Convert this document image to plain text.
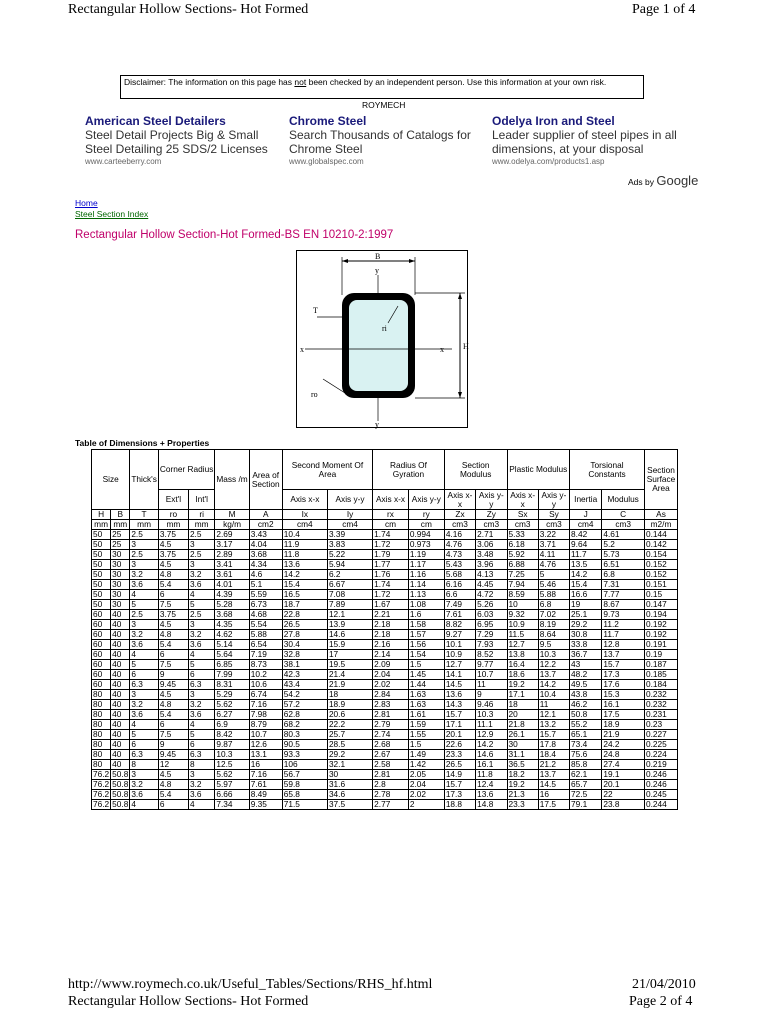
Rectangular Hollow Sections- Hot Formed	Page 1 of 4
Disclaimer: The information on this page has not been checked by an independent person. Use this information at your own risk.
ROYMECH
American Steel Detailers
Steel Detail Projects Big & Small Steel Detailing 25 SDS/2 Licenses
www.carteeberry.com
Chrome Steel
Search Thousands of Catalogs for Chrome Steel
www.globalspec.com
Odelya Iron and Steel
Leader supplier of steel pipes in all dimensions, at your disposal
www.odelya.com/products1.asp
Ads by Google
Home
Steel Section Index
Rectangular Hollow Section-Hot Formed-BS EN 10210-2:1997
B
y
y
x	x H
T
ri
ro
Table of Dimensions + Properties
Size		Thick's	Corner Radius		Mass /m	Area of Section	Second Moment Of Area		Radius Of Gyration		Section Modulus		Plastic Modulus		Torsional Constants		Section Surface Area
			Ext'l	Int'l			Axis x-x	Axis y-y	Axis x-x	Axis y-y	Axis x-x	Axis y-y	Axis x-x	Axis y-y	Inertia	Modulus	
H	B	T	ro	ri	M	A	Ix	Iy	rx	ry	Zx	Zy	Sx	Sy	J	C	As
mm	mm	mm	mm	mm	kg/m	cm2	cm4	cm4	cm	cm	cm3	cm3	cm3	cm3	cm4	cm3	m2/m
50	25	2.5	3.75	2.5	2.69	3.43	10.4	3.39	1.74	0.994	4.16	2.71	5.33	3.22	8.42	4.61	0.144
50	25	3	4.5	3	3.17	4.04	11.9	3.83	1.72	0.973	4.76	3.06	6.18	3.71	9.64	5.2	0.142
50	30	2.5	3.75	2.5	2.89	3.68	11.8	5.22	1.79	1.19	4.73	3.48	5.92	4.11	11.7	5.73	0.154
50	30	3	4.5	3	3.41	4.34	13.6	5.94	1.77	1.17	5.43	3.96	6.88	4.76	13.5	6.51	0.152
50	30	3.2	4.8	3.2	3.61	4.6	14.2	6.2	1.76	1.16	5.68	4.13	7.25	5	14.2	6.8	0.152
50	30	3.6	5.4	3.6	4.01	5.1	15.4	6.67	1.74	1.14	6.16	4.45	7.94	5.46	15.4	7.31	0.151
50	30	4	6	4	4.39	5.59	16.5	7.08	1.72	1.13	6.6	4.72	8.59	5.88	16.6	7.77	0.15
50	30	5	7.5	5	5.28	6.73	18.7	7.89	1.67	1.08	7.49	5.26	10	6.8	19	8.67	0.147
60	40	2.5	3.75	2.5	3.68	4.68	22.8	12.1	2.21	1.6	7.61	6.03	9.32	7.02	25.1	9.73	0.194
60	40	3	4.5	3	4.35	5.54	26.5	13.9	2.18	1.58	8.82	6.95	10.9	8.19	29.2	11.2	0.192
60	40	3.2	4.8	3.2	4.62	5.88	27.8	14.6	2.18	1.57	9.27	7.29	11.5	8.64	30.8	11.7	0.192
60	40	3.6	5.4	3.6	5.14	6.54	30.4	15.9	2.16	1.56	10.1	7.93	12.7	9.5	33.8	12.8	0.191
60	40	4	6	4	5.64	7.19	32.8	17	2.14	1.54	10.9	8.52	13.8	10.3	36.7	13.7	0.19
60	40	5	7.5	5	6.85	8.73	38.1	19.5	2.09	1.5	12.7	9.77	16.4	12.2	43	15.7	0.187
60	40	6	9	6	7.99	10.2	42.3	21.4	2.04	1.45	14.1	10.7	18.6	13.7	48.2	17.3	0.185
60	40	6.3	9.45	6.3	8.31	10.6	43.4	21.9	2.02	1.44	14.5	11	19.2	14.2	49.5	17.6	0.184
80	40	3	4.5	3	5.29	6.74	54.2	18	2.84	1.63	13.6	9	17.1	10.4	43.8	15.3	0.232
80	40	3.2	4.8	3.2	5.62	7.16	57.2	18.9	2.83	1.63	14.3	9.46	18	11	46.2	16.1	0.232
80	40	3.6	5.4	3.6	6.27	7.98	62.8	20.6	2.81	1.61	15.7	10.3	20	12.1	50.8	17.5	0.231
80	40	4	6	4	6.9	8.79	68.2	22.2	2.79	1.59	17.1	11.1	21.8	13.2	55.2	18.9	0.23
80	40	5	7.5	5	8.42	10.7	80.3	25.7	2.74	1.55	20.1	12.9	26.1	15.7	65.1	21.9	0.227
80	40	6	9	6	9.87	12.6	90.5	28.5	2.68	1.5	22.6	14.2	30	17.8	73.4	24.2	0.225
80	40	6.3	9.45	6.3	10.3	13.1	93.3	29.2	2.67	1.49	23.3	14.6	31.1	18.4	75.6	24.8	0.224
80	40	8	12	8	12.5	16	106	32.1	2.58	1.42	26.5	16.1	36.5	21.2	85.8	27.4	0.219
76.2	50.8	3	4.5	3	5.62	7.16	56.7	30	2.81	2.05	14.9	11.8	18.2	13.7	62.1	19.1	0.246
76.2	50.8	3.2	4.8	3.2	5.97	7.61	59.8	31.6	2.8	2.04	15.7	12.4	19.2	14.5	65.7	20.1	0.246
76.2	50.8	3.6	5.4	3.6	6.66	8.49	65.8	34.6	2.78	2.02	17.3	13.6	21.3	16	72.5	22	0.245
76.2	50.8	4	6	4	7.34	9.35	71.5	37.5	2.77	2	18.8	14.8	23.3	17.5	79.1	23.8	0.244
http://www.roymech.co.uk/Useful_Tables/Sections/RHS_hf.html	21/04/2010
Rectangular Hollow Sections- Hot Formed	Page 2 of 4
